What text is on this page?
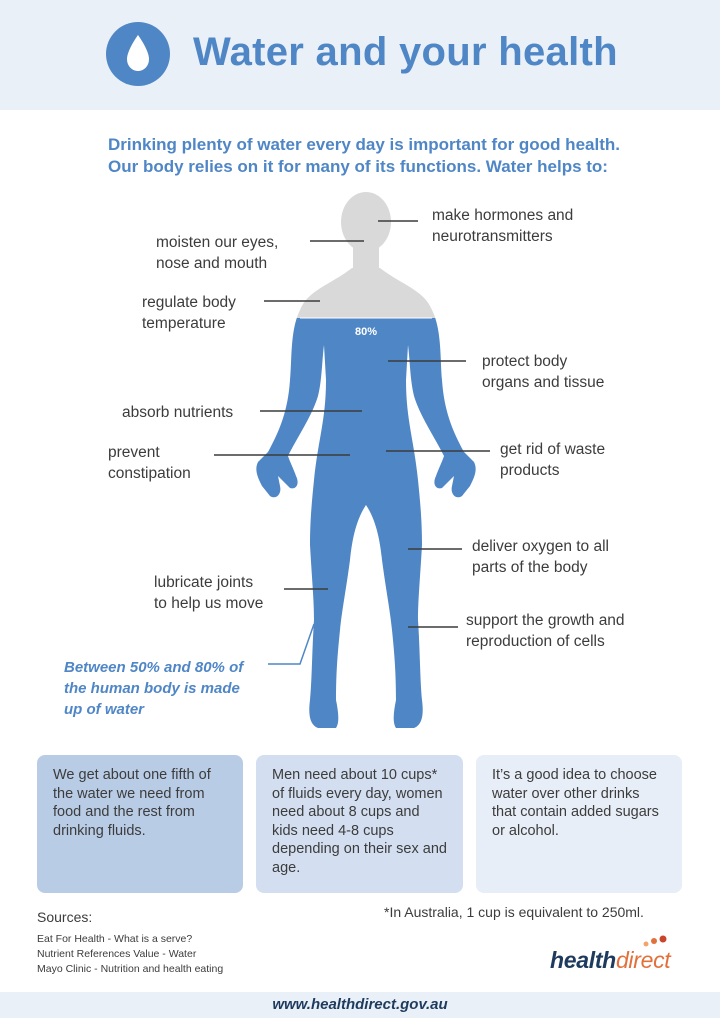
Water and your health
Drinking plenty of water every day is important for good health.
Our body relies on it for many of its functions. Water helps to:
80%
make hormones and
neurotransmitters
moisten our eyes,
nose and mouth
regulate body
temperature
protect body
organs and tissue
absorb nutrients
prevent
constipation
get rid of waste
products
deliver oxygen to all
parts of the body
lubricate joints
to help us move
support the growth and
reproduction of cells
Between 50% and 80% of
the human body is made
up of water
We get about one fifth of the water we need from food and the rest from drinking fluids.
Men need about 10 cups* of fluids every day, women need about 8 cups and kids need 4-8 cups depending on their sex and age.
It’s a good idea to choose water over other drinks that contain added sugars or alcohol.
*In Australia, 1 cup is equivalent to 250ml.
Sources:
Eat For Health - What is a serve?
Nutrient References Value - Water
Mayo Clinic - Nutrition and health eating	healthdirect
www.healthdirect.gov.au
